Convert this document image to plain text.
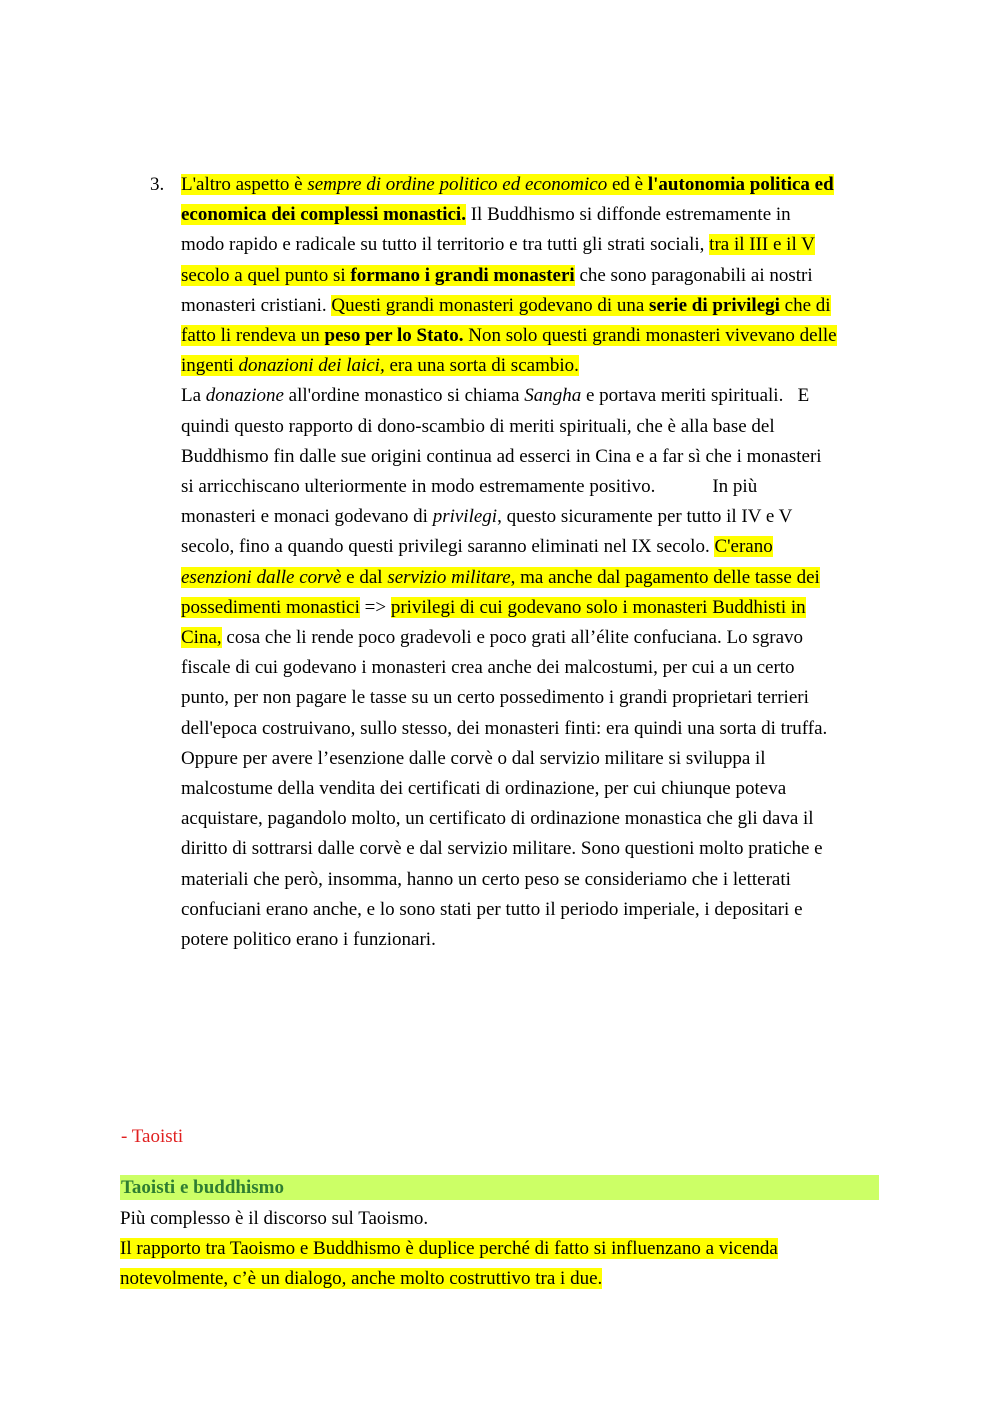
3. L'altro aspetto è sempre di ordine politico ed economico ed è l'autonomia politica ed
economica dei complessi monastici. Il Buddhismo si diffonde estremamente in
modo rapido e radicale su tutto il territorio e tra tutti gli strati sociali, tra il III e il V
secolo a quel punto si formano i grandi monasteri che sono paragonabili ai nostri
monasteri cristiani. Questi grandi monasteri godevano di una serie di privilegi che di
fatto li rendeva un peso per lo Stato. Non solo questi grandi monasteri vivevano delle
ingenti donazioni dei laici, era una sorta di scambio.
La donazione all'ordine monastico si chiama Sangha e portava meriti spirituali.   E
quindi questo rapporto di dono-scambio di meriti spirituali, che è alla base del
Buddhismo fin dalle sue origini continua ad esserci in Cina e a far sì che i monasteri
si arricchiscano ulteriormente in modo estremamente positivo.            In più
monasteri e monaci godevano di privilegi, questo sicuramente per tutto il IV e V
secolo, fino a quando questi privilegi saranno eliminati nel IX secolo. C'erano
esenzioni dalle corvè e dal servizio militare, ma anche dal pagamento delle tasse dei
possedimenti monastici => privilegi di cui godevano solo i monasteri Buddhisti in
Cina, cosa che li rende poco gradevoli e poco grati all’élite confuciana. Lo sgravo
fiscale di cui godevano i monasteri crea anche dei malcostumi, per cui a un certo
punto, per non pagare le tasse su un certo possedimento i grandi proprietari terrieri
dell'epoca costruivano, sullo stesso, dei monasteri finti: era quindi una sorta di truffa.
Oppure per avere l’esenzione dalle corvè o dal servizio militare si sviluppa il
malcostume della vendita dei certificati di ordinazione, per cui chiunque poteva
acquistare, pagandolo molto, un certificato di ordinazione monastica che gli dava il
diritto di sottrarsi dalle corvè e dal servizio militare. Sono questioni molto pratiche e
materiali che però, insomma, hanno un certo peso se consideriamo che i letterati
confuciani erano anche, e lo sono stati per tutto il periodo imperiale, i depositari e
potere politico erano i funzionari.
- Taoisti
Taoisti e buddhismo
Più complesso è il discorso sul Taoismo.
Il rapporto tra Taoismo e Buddhismo è duplice perché di fatto si influenzano a vicenda
notevolmente, c’è un dialogo, anche molto costruttivo tra i due.
